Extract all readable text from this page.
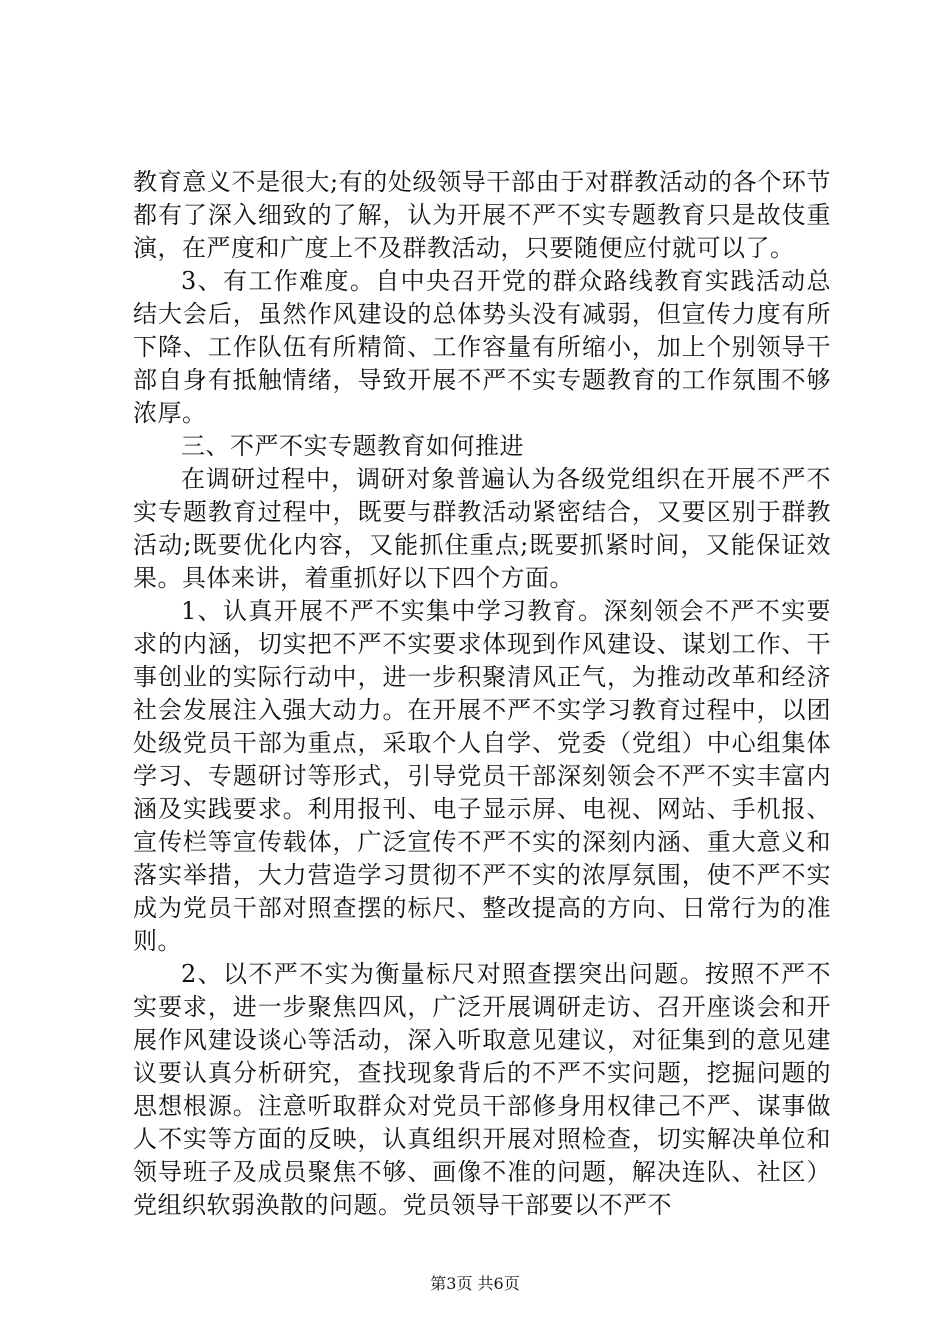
教育意义不是很大;有的处级领导干部由于对群教活动的各个环节都有了深入细致的了解，认为开展不严不实专题教育只是故伎重演，在严度和广度上不及群教活动，只要随便应付就可以了。

3、有工作难度。自中央召开党的群众路线教育实践活动总结大会后，虽然作风建设的总体势头没有减弱，但宣传力度有所下降、工作队伍有所精简、工作容量有所缩小，加上个别领导干部自身有抵触情绪，导致开展不严不实专题教育的工作氛围不够浓厚。

三、不严不实专题教育如何推进

在调研过程中，调研对象普遍认为各级党组织在开展不严不实专题教育过程中，既要与群教活动紧密结合，又要区别于群教活动;既要优化内容，又能抓住重点;既要抓紧时间，又能保证效果。具体来讲，着重抓好以下四个方面。

1、认真开展不严不实集中学习教育。深刻领会不严不实要求的内涵，切实把不严不实要求体现到作风建设、谋划工作、干事创业的实际行动中，进一步积聚清风正气，为推动改革和经济社会发展注入强大动力。在开展不严不实学习教育过程中，以团处级党员干部为重点，采取个人自学、党委（党组）中心组集体学习、专题研讨等形式，引导党员干部深刻领会不严不实丰富内涵及实践要求。利用报刊、电子显示屏、电视、网站、手机报、宣传栏等宣传载体，广泛宣传不严不实的深刻内涵、重大意义和落实举措，大力营造学习贯彻不严不实的浓厚氛围，使不严不实成为党员干部对照查摆的标尺、整改提高的方向、日常行为的准则。

2、以不严不实为衡量标尺对照查摆突出问题。按照不严不实要求，进一步聚焦四风，广泛开展调研走访、召开座谈会和开展作风建设谈心等活动，深入听取意见建议，对征集到的意见建议要认真分析研究，查找现象背后的不严不实问题，挖掘问题的思想根源。注意听取群众对党员干部修身用权律己不严、谋事做人不实等方面的反映，认真组织开展对照检查，切实解决单位和领导班子及成员聚焦不够、画像不准的问题，解决连队、社区）党组织软弱涣散的问题。党员领导干部要以不严不

第3页 共6页
